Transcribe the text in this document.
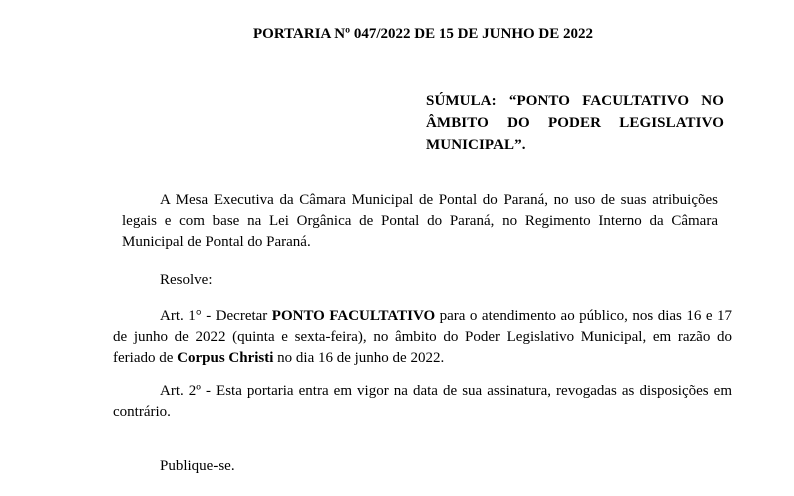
PORTARIA Nº 047/2022 DE 15 DE JUNHO DE 2022
SÚMULA: “PONTO FACULTATIVO NO ÂMBITO DO PODER LEGISLATIVO MUNICIPAL”.
A Mesa Executiva da Câmara Municipal de Pontal do Paraná, no uso de suas atribuições legais e com base na Lei Orgânica de Pontal do Paraná, no Regimento Interno da Câmara Municipal de Pontal do Paraná.
Resolve:
Art. 1° - Decretar PONTO FACULTATIVO para o atendimento ao público, nos dias 16 e 17 de junho de 2022 (quinta e sexta-feira), no âmbito do Poder Legislativo Municipal, em razão do feriado de Corpus Christi no dia 16 de junho de 2022.
Art. 2º - Esta portaria entra em vigor na data de sua assinatura, revogadas as disposições em contrário.
Publique-se.
